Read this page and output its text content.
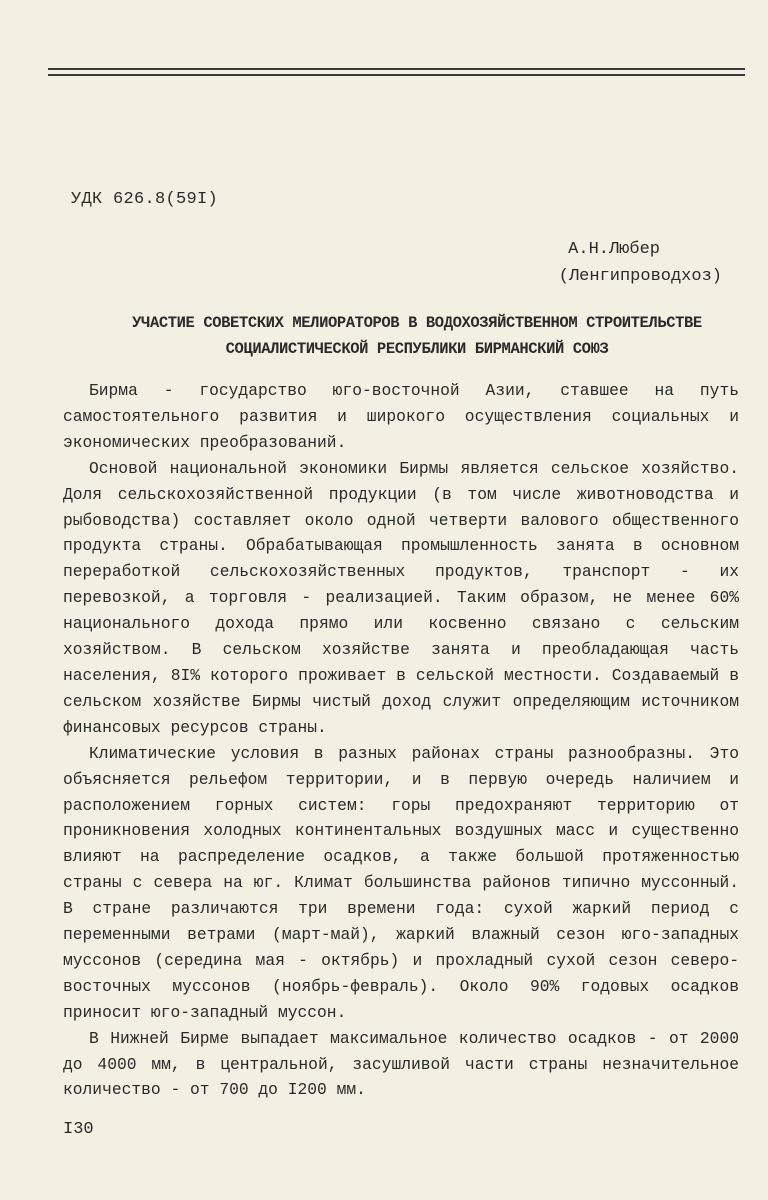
УДК 626.8(59I)
А.Н.Любер
(Ленгипроводхоз)
УЧАСТИЕ СОВЕТСКИХ МЕЛИОРАТОРОВ В ВОДОХОЗЯЙСТВЕННОМ СТРОИТЕЛЬСТВЕ
СОЦИАЛИСТИЧЕСКОЙ РЕСПУБЛИКИ БИРМАНСКИЙ СОЮЗ

Бирма - государство юго-восточной Азии, ставшее на путь самостоятельного развития и широкого осуществления социальных и экономических преобразований.

Основой национальной экономики Бирмы является сельское хозяйство. Доля сельскохозяйственной продукции (в том числе животноводства и рыбоводства) составляет около одной четверти валового общественного продукта страны. Обрабатывающая промышленность занята в основном переработкой сельскохозяйственных продуктов, транспорт - их перевозкой, а торговля - реализацией. Таким образом, не менее 60% национального дохода прямо или косвенно связано с сельским хозяйством. В сельском хозяйстве занята и преобладающая часть населения, 8I% которого проживает в сельской местности. Создаваемый в сельском хозяйстве Бирмы чистый доход служит определяющим источником финансовых ресурсов страны.

Климатические условия в разных районах страны разнообразны. Это объясняется рельефом территории, и в первую очередь наличием и расположением горных систем: горы предохраняют территорию от проникновения холодных континентальных воздушных масс и существенно влияют на распределение осадков, а также большой протяженностью страны с севера на юг. Климат большинства районов типично муссонный. В стране различаются три времени года: сухой жаркий период с переменными ветрами (март-май), жаркий влажный сезон юго-западных муссонов (середина мая - октябрь) и прохладный сухой сезон северо-восточных муссонов (ноябрь-февраль). Около 90% годовых осадков приносит юго-западный муссон.

В Нижней Бирме выпадает максимальное количество осадков - от 2000 до 4000 мм, в центральной, засушливой части страны незначительное количество - от 700 до I200 мм.

I30
